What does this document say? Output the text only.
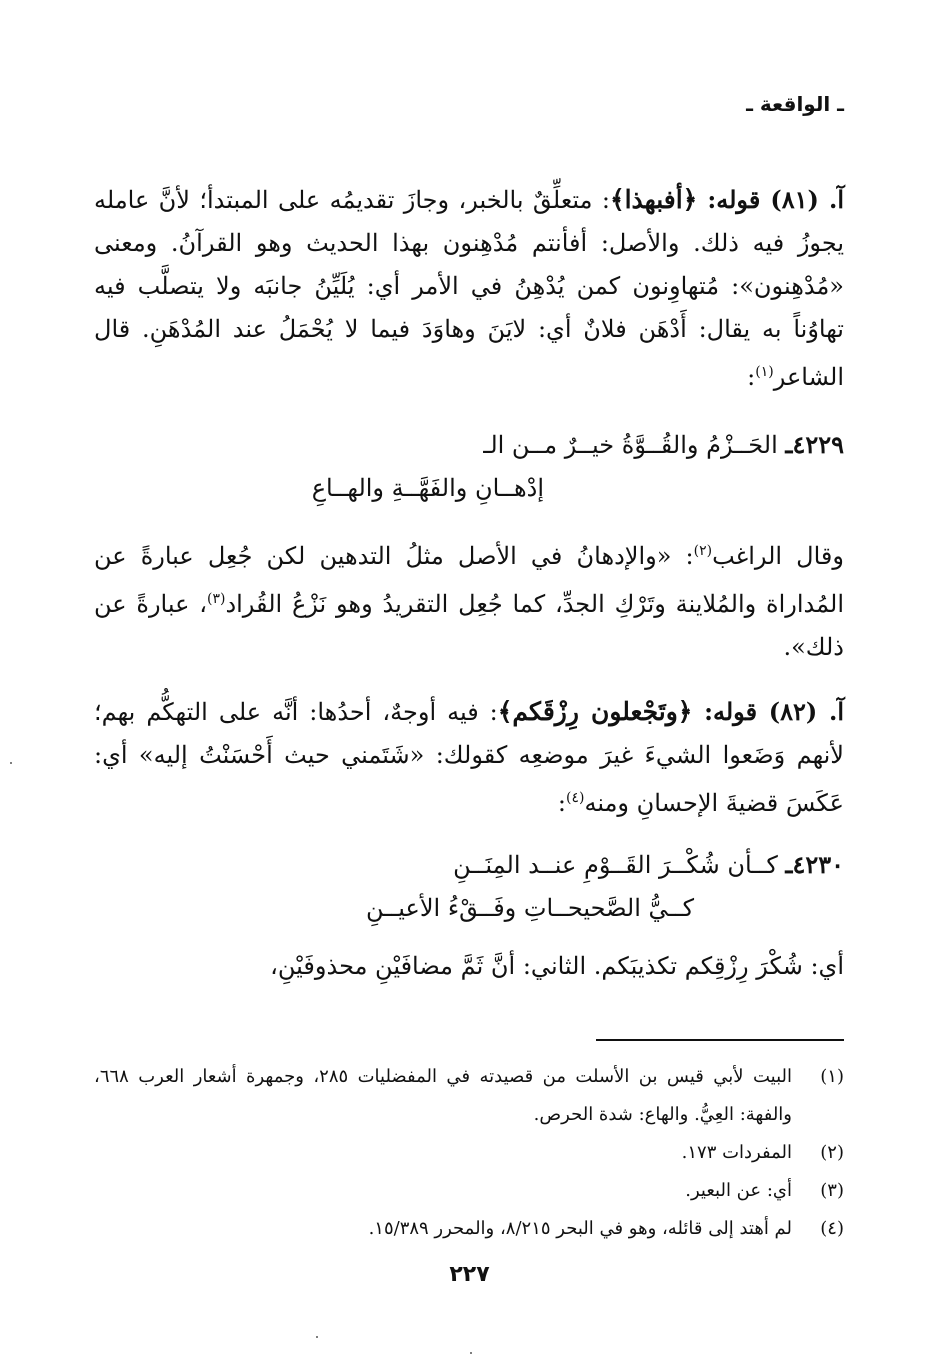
ـ الواقعة ـ
آ. (٨١) قوله: ﴿أفبهذا﴾: متعلِّقٌ بالخبر، وجازَ تقديمُه على المبتدأ؛ لأنَّ عامله يجوزُ فيه ذلك. والأصل: أفأنتم مُدْهِنون بهذا الحديث وهو القرآنُ. ومعنى «مُدْهِنون»: مُتهاوِنون كمن يُدْهِنُ في الأمر أي: يُلَيِّنُ جانبَه ولا يتصلَّب فيه تهاوُناً به يقال: أَدْهَن فلانٌ أي: لايَنَ وهاوَدَ فيما لا يُحْمَلُ عند المُدْهَنِ. قال الشاعر$^{(١)}$:
٤٢٢٩ـ الحَــزْمُ والقُــوَّةُ خيــرٌ مــن الـ
إدْهــانِ والفَهَّــةِ والهــاعِ
وقال الراغب$^{(٢)}$: «والإدهانُ في الأصل مثلُ التدهين لكن جُعِل عبارةً عن المُداراة والمُلاينة وتَرْكِ الجدِّ، كما جُعِل التقريدُ وهو نَزْعُ القُراد$^{(٣)}$، عبارةً عن ذلك».
آ. (٨٢) قوله: ﴿وتَجْعلون رِزْقَكم﴾: فيه أوجهٌ، أحدُها: أنَّه على التهكُّم بهم؛ لأنهم وَضَعوا الشيءَ غيرَ موضعِه كقولك: «شَتَمني حيث أَحْسَنْتُ إليه» أي: عَكَسَ قضيةَ الإحسانِ ومنه$^{(٤)}$:
٤٢٣٠ـ كــأن شُكْــرَ القَــوْمِ عنــد المِنَــنِ
كــيُّ الصَّحيحــاتِ وفَــقْءُ الأعيــنِ
أي: شُكْرَ رِزْقِكم تكذيبَكم. الثاني: أنَّ ثَمَّ مضافَيْنِ محذوفَيْنِ،
(١)
البيت لأبي قيس بن الأسلت من قصيدته في المفضليات ٢٨٥، وجمهرة أشعار العرب ٦٦٨، والفهة: العِيُّ. والهاع: شدة الحرص.
(٢)
المفردات ١٧٣.
(٣)
أي: عن البعير.
(٤)
لم أهتد إلى قائله، وهو في البحر ٨/٢١٥، والمحرر ١٥/٣٨٩.
٢٢٧
